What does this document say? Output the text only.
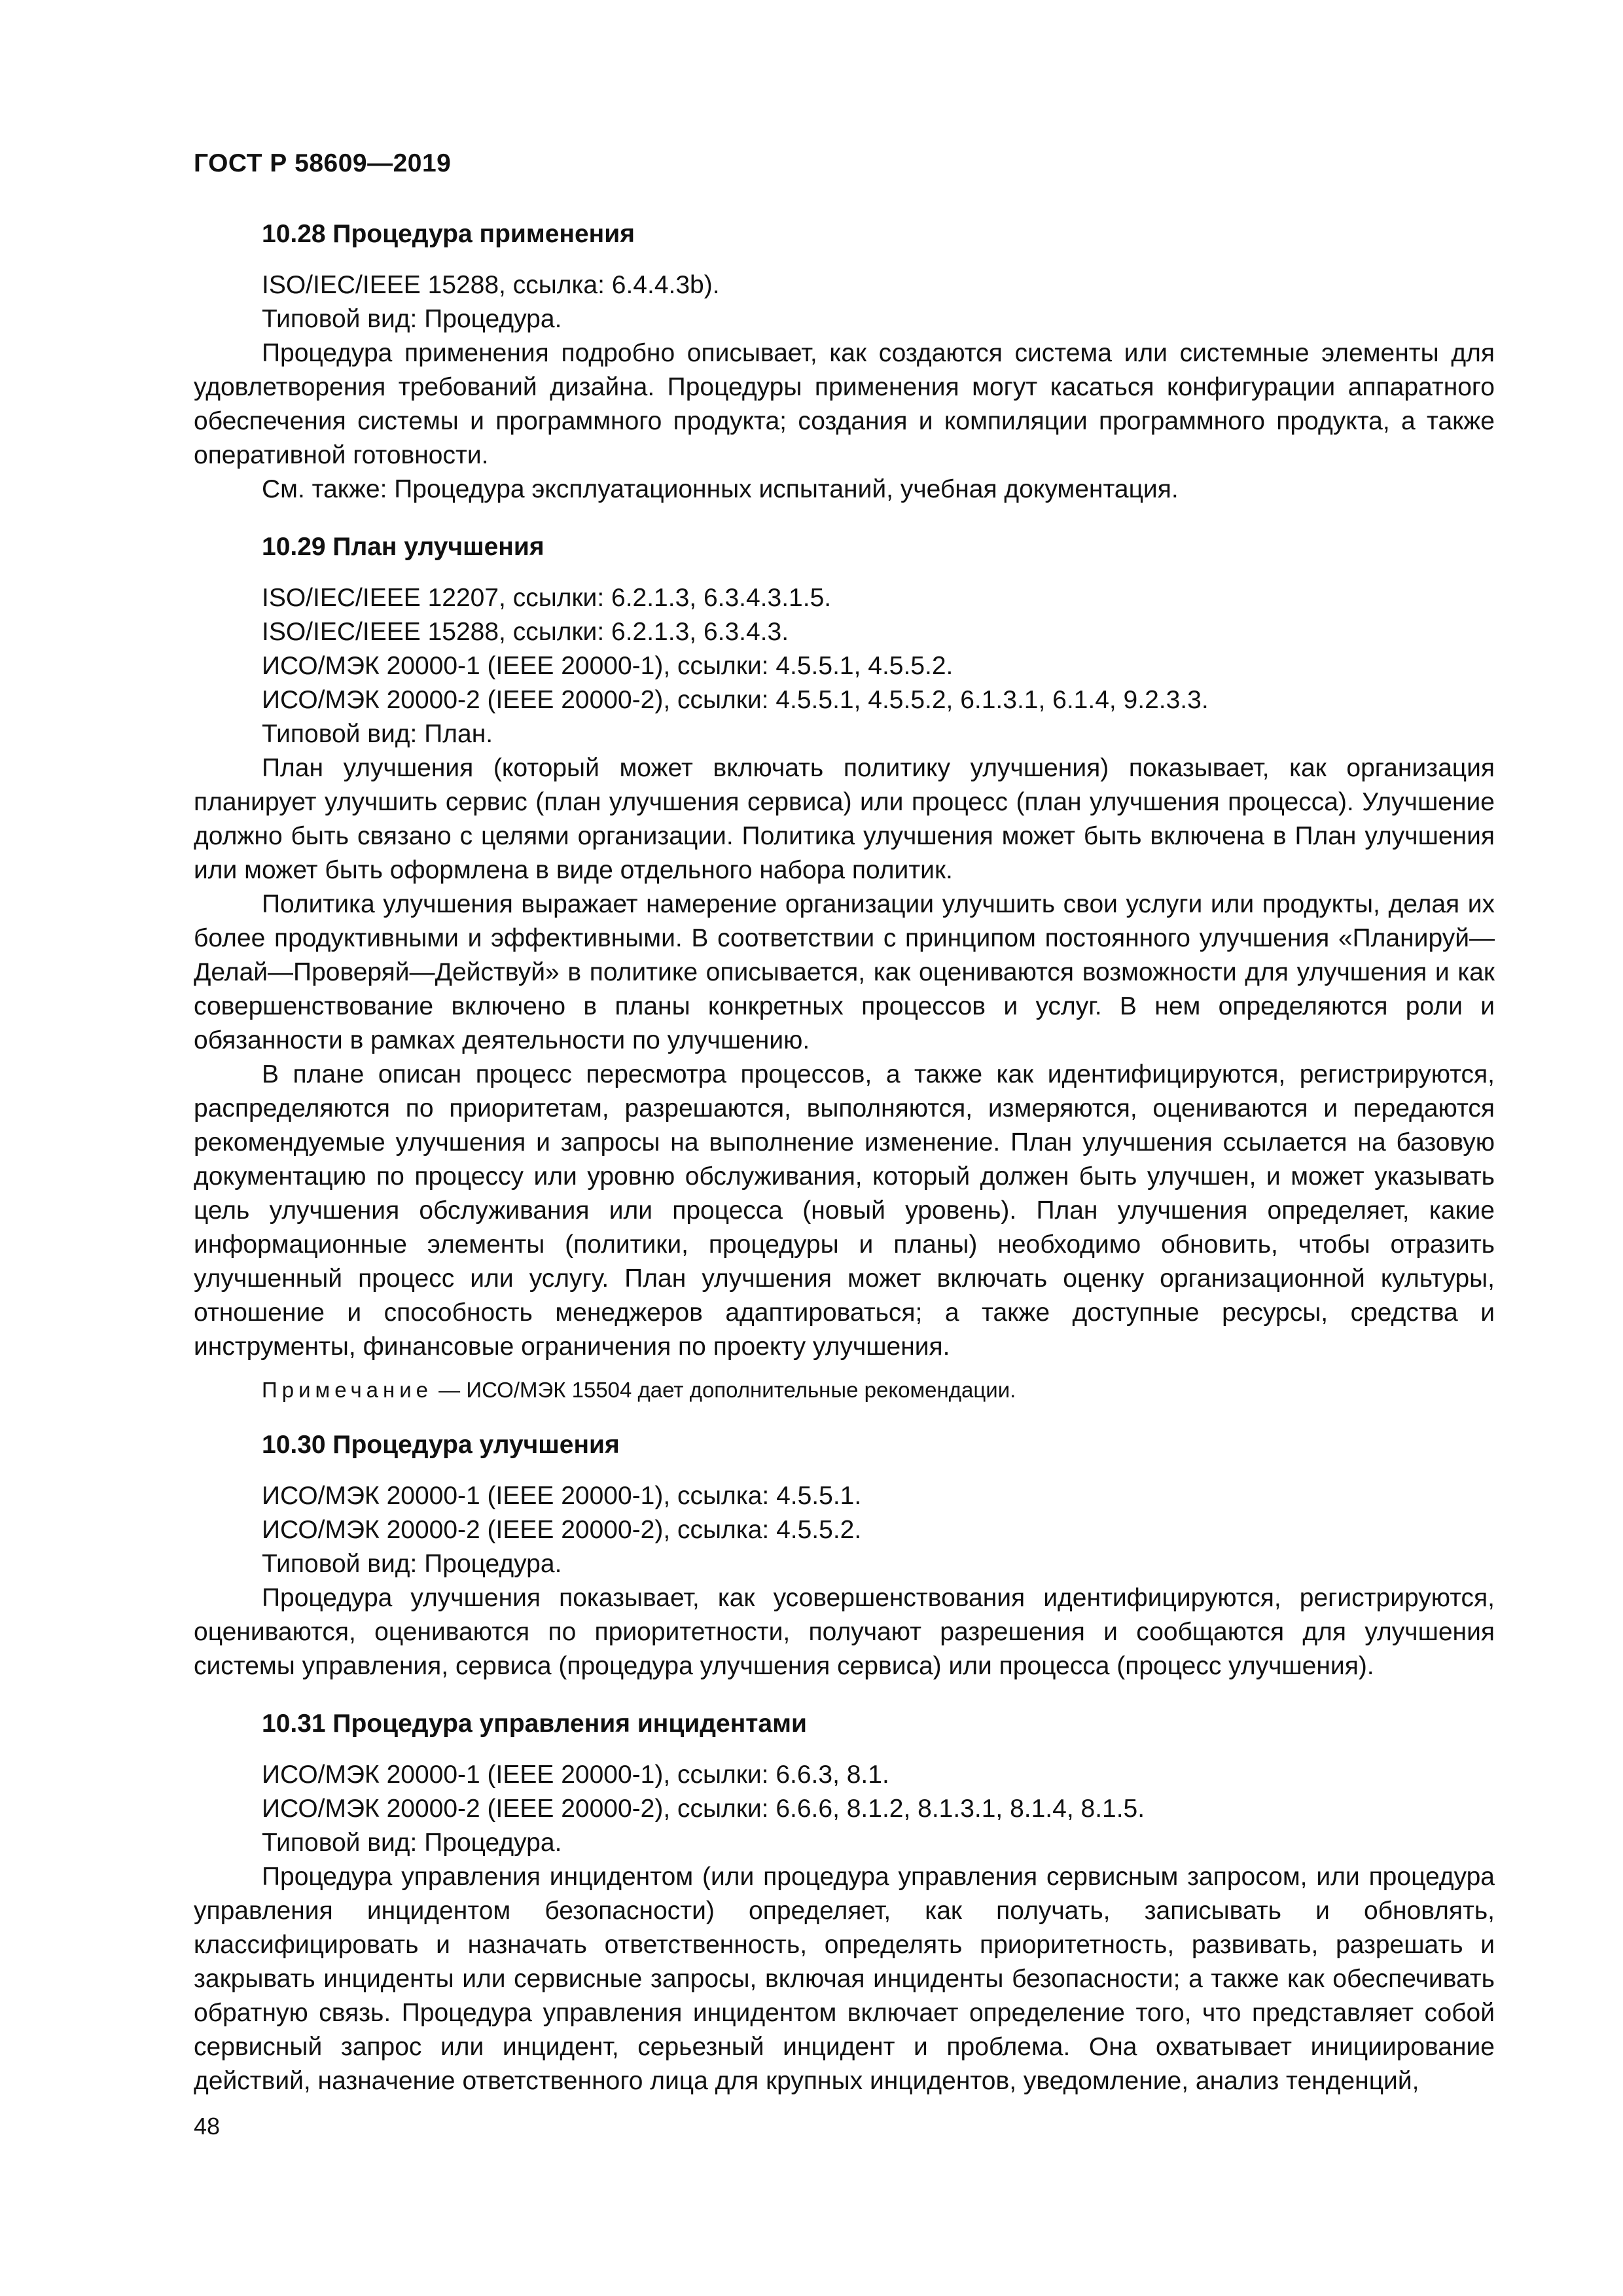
ГОСТ Р 58609—2019

10.28 Процедура применения

ISO/IEC/IEEE 15288, ссылка: 6.4.4.3b).

Типовой вид: Процедура.

Процедура применения подробно описывает, как создаются система или системные элементы для удовлетворения требований дизайна. Процедуры применения могут касаться конфигурации аппаратного обеспечения системы и программного продукта; создания и компиляции программного продукта, а также оперативной готовности.

См. также: Процедура эксплуатационных испытаний, учебная документация.

10.29 План улучшения

ISO/IEC/IEEE 12207, ссылки: 6.2.1.3, 6.3.4.3.1.5.

ISO/IEC/IEEE 15288, ссылки: 6.2.1.3, 6.3.4.3.

ИСО/МЭК 20000-1 (IEEE 20000-1), ссылки: 4.5.5.1, 4.5.5.2.

ИСО/МЭК 20000-2 (IEEE 20000-2), ссылки: 4.5.5.1, 4.5.5.2, 6.1.3.1, 6.1.4, 9.2.3.3.

Типовой вид: План.

План улучшения (который может включать политику улучшения) показывает, как организация планирует улучшить сервис (план улучшения сервиса) или процесс (план улучшения процесса). Улучшение должно быть связано с целями организации. Политика улучшения может быть включена в План улучшения или может быть оформлена в виде отдельного набора политик.

Политика улучшения выражает намерение организации улучшить свои услуги или продукты, делая их более продуктивными и эффективными. В соответствии с принципом постоянного улучшения «Планируй—Делай—Проверяй—Действуй» в политике описывается, как оцениваются возможности для улучшения и как совершенствование включено в планы конкретных процессов и услуг. В нем определяются роли и обязанности в рамках деятельности по улучшению.

В плане описан процесс пересмотра процессов, а также как идентифицируются, регистрируются, распределяются по приоритетам, разрешаются, выполняются, измеряются, оцениваются и передаются рекомендуемые улучшения и запросы на выполнение изменение. План улучшения ссылается на базовую документацию по процессу или уровню обслуживания, который должен быть улучшен, и может указывать цель улучшения обслуживания или процесса (новый уровень). План улучшения определяет, какие информационные элементы (политики, процедуры и планы) необходимо обновить, чтобы отразить улучшенный процесс или услугу. План улучшения может включать оценку организационной культуры, отношение и способность менеджеров адаптироваться; а также доступные ресурсы, средства и инструменты, финансовые ограничения по проекту улучшения.

Примечание — ИСО/МЭК 15504 дает дополнительные рекомендации.

10.30 Процедура улучшения

ИСО/МЭК 20000-1 (IEEE 20000-1), ссылка: 4.5.5.1.

ИСО/МЭК 20000-2 (IEEE 20000-2), ссылка: 4.5.5.2.

Типовой вид: Процедура.

Процедура улучшения показывает, как усовершенствования идентифицируются, регистрируются, оцениваются, оцениваются по приоритетности, получают разрешения и сообщаются для улучшения системы управления, сервиса (процедура улучшения сервиса) или процесса (процесс улучшения).

10.31 Процедура управления инцидентами

ИСО/МЭК 20000-1 (IEEE 20000-1), ссылки: 6.6.3, 8.1.

ИСО/МЭК 20000-2 (IEEE 20000-2), ссылки: 6.6.6, 8.1.2, 8.1.3.1, 8.1.4, 8.1.5.

Типовой вид: Процедура.

Процедура управления инцидентом (или процедура управления сервисным запросом, или процедура управления инцидентом безопасности) определяет, как получать, записывать и обновлять, классифицировать и назначать ответственность, определять приоритетность, развивать, разрешать и закрывать инциденты или сервисные запросы, включая инциденты безопасности; а также как обеспечивать обратную связь. Процедура управления инцидентом включает определение того, что представляет собой сервисный запрос или инцидент, серьезный инцидент и проблема. Она охватывает инициирование действий, назначение ответственного лица для крупных инцидентов, уведомление, анализ тенденций,

48
